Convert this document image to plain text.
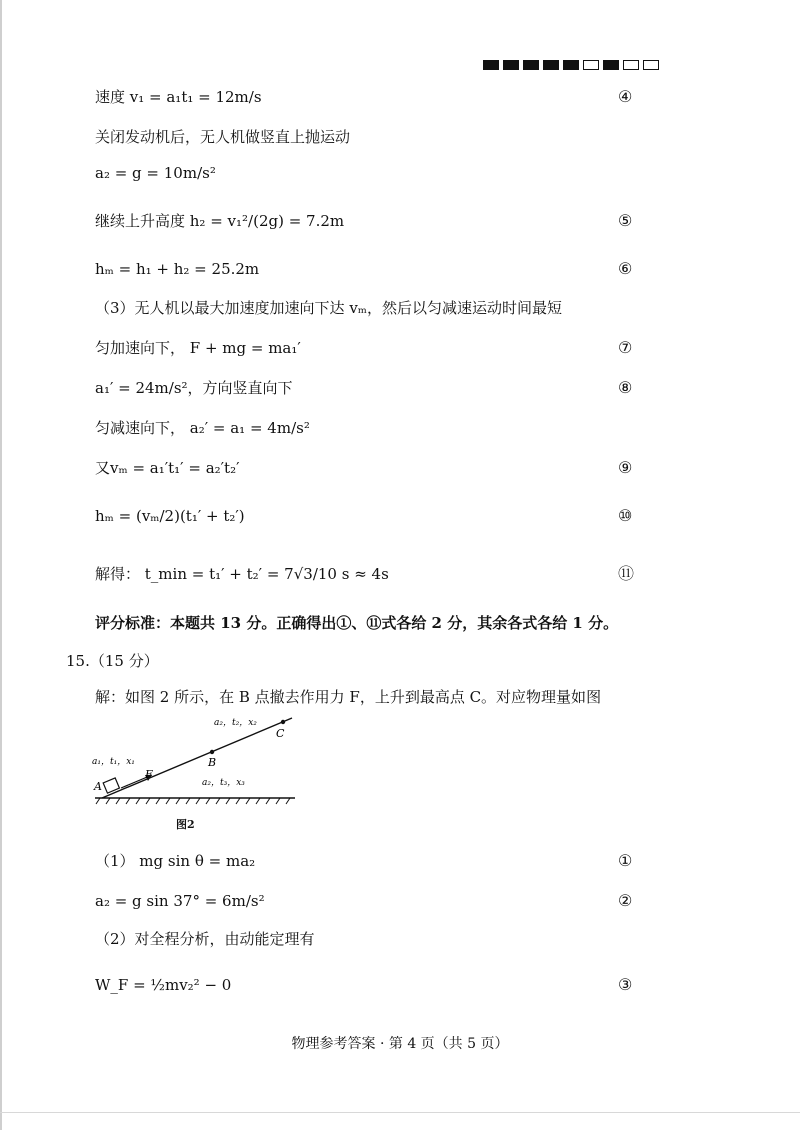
速度 v₁ = a₁t₁ = 12m/s	④
关闭发动机后，无人机做竖直上抛运动
a₂ = g = 10m/s²
继续上升高度 h₂ = v₁²/(2g) = 7.2m	⑤
hₘ = h₁ + h₂ = 25.2m	⑥
（3）无人机以最大加速度加速向下达 vₘ，然后以匀减速运动时间最短
匀加速向下， F + mg = ma₁′	⑦
a₁′ = 24m/s²，方向竖直向下	⑧
匀减速向下， a₂′ = a₁ = 4m/s²
又vₘ = a₁′t₁′ = a₂′t₂′	⑨
hₘ = (vₘ/2)(t₁′ + t₂′)	⑩
解得： t_min = t₁′ + t₂′ = 7√3/10 s ≈ 4s	⑪
评分标准：本题共 13 分。正确得出①、⑪式各给 2 分，其余各式各给 1 分。
15.（15 分）
解：如图 2 所示，在 B 点撤去作用力 F，上升到最高点 C。对应物理量如图
A
F
B
C
a₂，t₂，x₂
a₁，t₁，x₁
a₂，t₃，x₃
图2
（1） mg sin θ = ma₂	①
a₂ = g sin 37° = 6m/s²	②
（2）对全程分析，由动能定理有
W_F = ½mv₂² − 0	③
物理参考答案 · 第 4 页（共 5 页）
